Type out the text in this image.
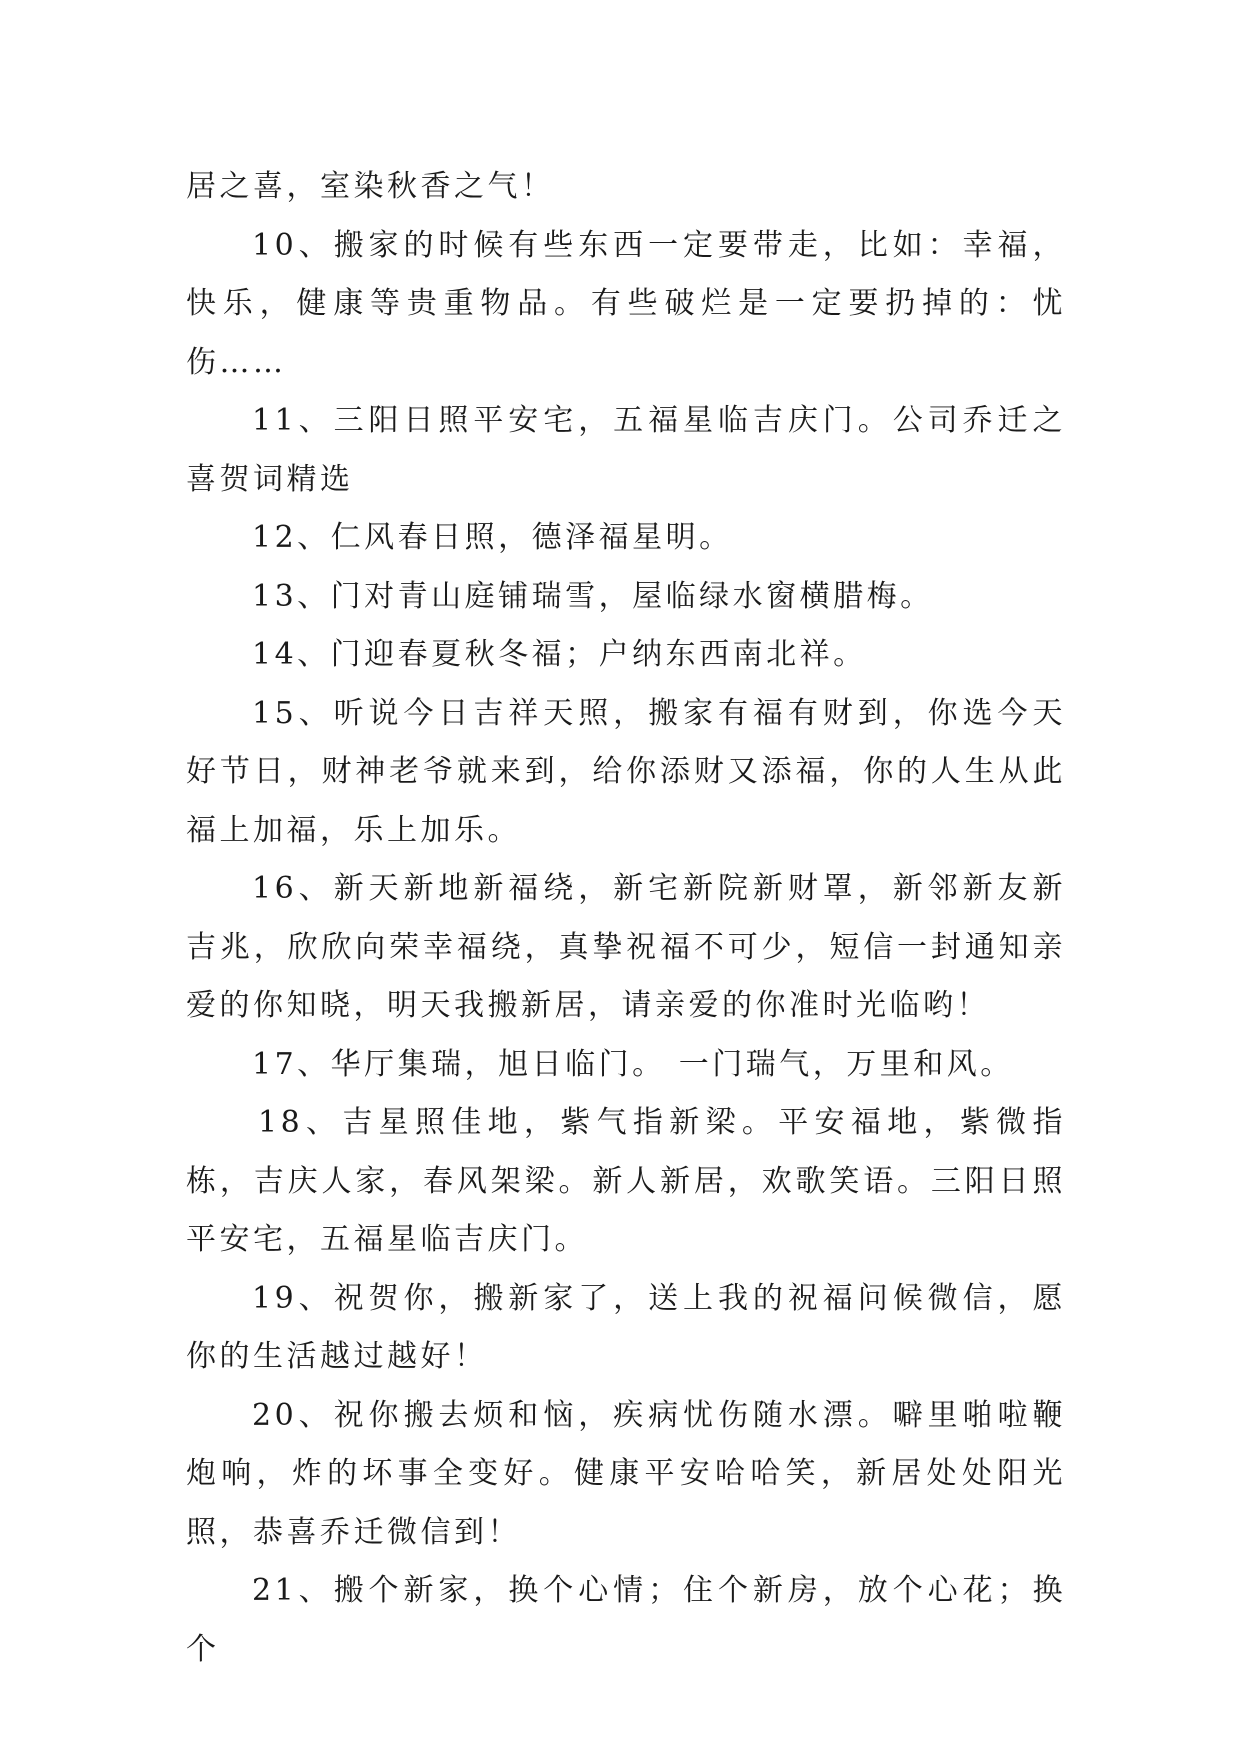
居之喜，室染秋香之气！

10、搬家的时候有些东西一定要带走，比如：幸福，快乐，健康等贵重物品。有些破烂是一定要扔掉的：忧伤……

11、三阳日照平安宅，五福星临吉庆门。公司乔迁之喜贺词精选

12、仁风春日照，德泽福星明。

13、门对青山庭铺瑞雪，屋临绿水窗横腊梅。

14、门迎春夏秋冬福；户纳东西南北祥。

15、听说今日吉祥天照，搬家有福有财到，你选今天好节日，财神老爷就来到，给你添财又添福，你的人生从此福上加福，乐上加乐。

16、新天新地新福绕，新宅新院新财罩，新邻新友新吉兆，欣欣向荣幸福绕，真挚祝福不可少，短信一封通知亲爱的你知晓，明天我搬新居，请亲爱的你准时光临哟！

17、华厅集瑞，旭日临门。 一门瑞气，万里和风。

18、吉星照佳地，紫气指新梁。平安福地，紫微指栋，吉庆人家，春风架梁。新人新居，欢歌笑语。三阳日照平安宅，五福星临吉庆门。

19、祝贺你，搬新家了，送上我的祝福问候微信，愿你的生活越过越好！

20、祝你搬去烦和恼，疾病忧伤随水漂。噼里啪啦鞭炮响，炸的坏事全变好。健康平安哈哈笑，新居处处阳光照，恭喜乔迁微信到！

21、搬个新家，换个心情；住个新房，放个心花；换个
